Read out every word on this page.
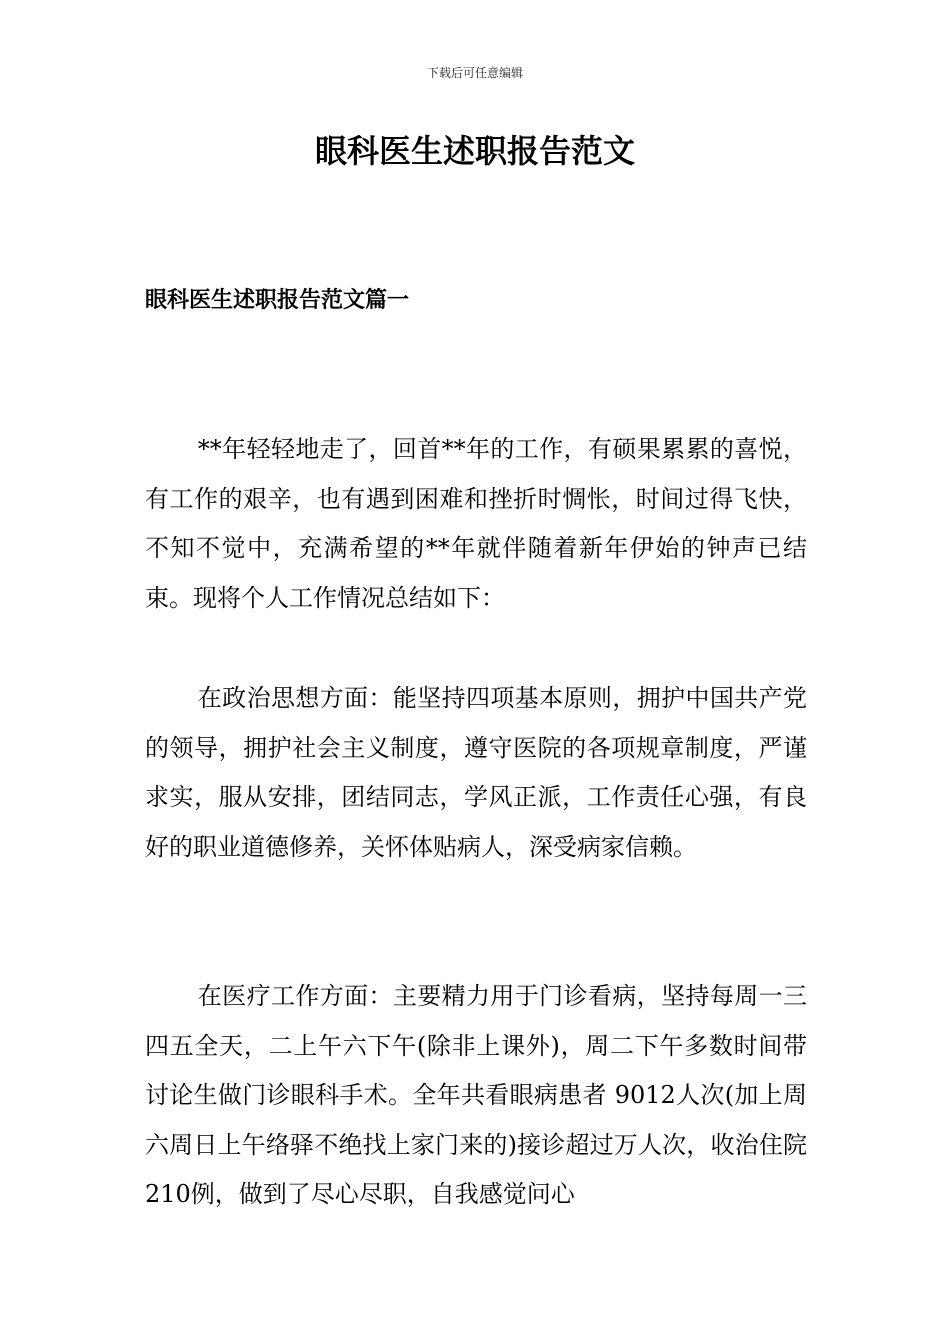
下载后可任意编辑
眼科医生述职报告范文
眼科医生述职报告范文篇一

**年轻轻地走了，回首**年的工作，有硕果累累的喜悦，有工作的艰辛，也有遇到困难和挫折时惆怅，时间过得飞快，不知不觉中，充满希望的**年就伴随着新年伊始的钟声已结束。现将个人工作情况总结如下：

在政治思想方面：能坚持四项基本原则，拥护中国共产党的领导，拥护社会主义制度，遵守医院的各项规章制度，严谨求实，服从安排，团结同志，学风正派，工作责任心强，有良好的职业道德修养，关怀体贴病人，深受病家信赖。

在医疗工作方面：主要精力用于门诊看病，坚持每周一三四五全天，二上午六下午(除非上课外)，周二下午多数时间带讨论生做门诊眼科手术。全年共看眼病患者 9012人次(加上周六周日上午络驿不绝找上家门来的)接诊超过万人次，收治住院210例，做到了尽心尽职，自我感觉问心
